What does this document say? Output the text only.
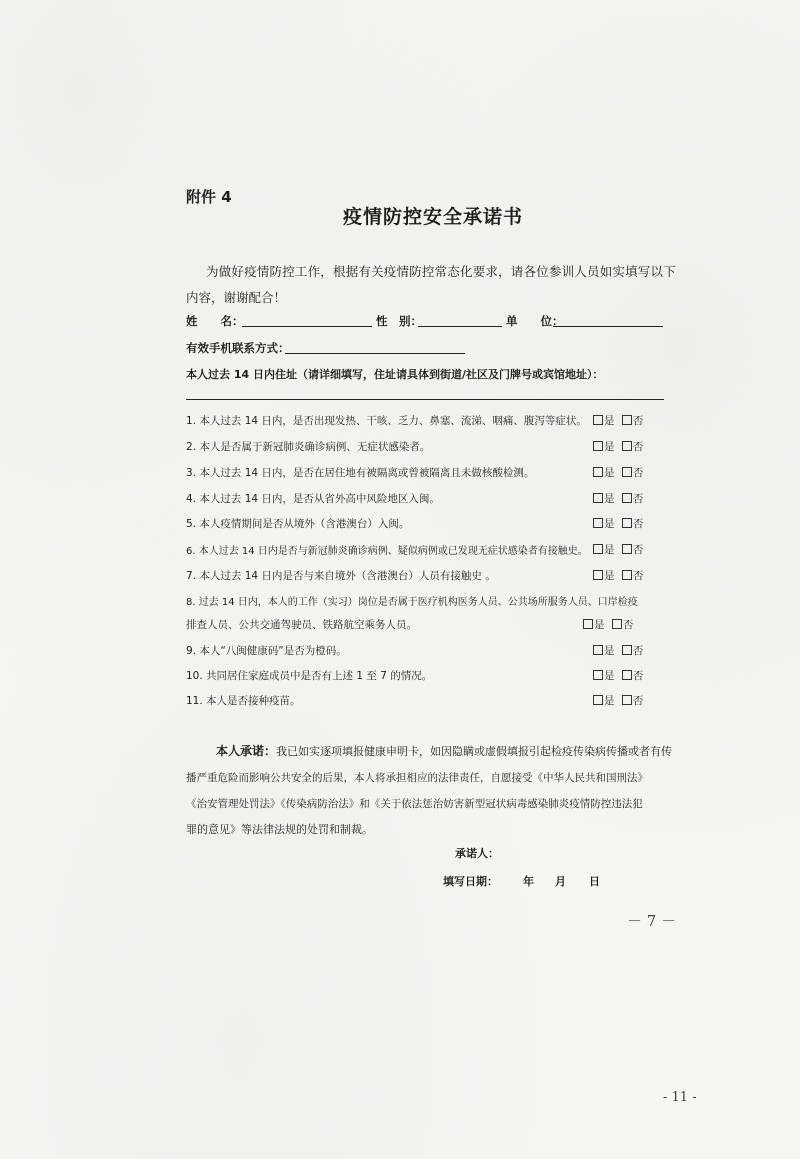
附件 4
疫情防控安全承诺书
为做好疫情防控工作，根据有关疫情防控常态化要求，请各位参训人员如实填写以下
内容，谢谢配合！
姓　　名：	性　别：	单　　位：
有效手机联系方式：
本人过去 14 日内住址（请详细填写，住址请具体到街道/社区及门牌号或宾馆地址）：
1. 本人过去 14 日内，是否出现发热、干咳、乏力、鼻塞、流涕、咽痛、腹泻等症状。	是 否
2. 本人是否属于新冠肺炎确诊病例、无症状感染者。	是 否
3. 本人过去 14 日内，是否在居住地有被隔离或曾被隔离且未做核酸检测。	是 否
4. 本人过去 14 日内，是否从省外高中风险地区入闽。	是 否
5. 本人疫情期间是否从境外（含港澳台）入闽。	是 否
6. 本人过去 14 日内是否与新冠肺炎确诊病例、疑似病例或已发现无症状感染者有接触史。	是 否
7. 本人过去 14 日内是否与来自境外（含港澳台）人员有接触史 。	是 否
8. 过去 14 日内，本人的工作（实习）岗位是否属于医疗机构医务人员、公共场所服务人员、口岸检疫
排查人员、公共交通驾驶员、铁路航空乘务人员。	是 否
9. 本人“八闽健康码”是否为橙码。	是 否
10. 共同居住家庭成员中是否有上述 1 至 7 的情况。	是 否
11. 本人是否接种疫苗。	是 否
本人承诺：我已如实逐项填报健康申明卡，如因隐瞒或虚假填报引起检疫传染病传播或者有传
播严重危险而影响公共安全的后果，本人将承担相应的法律责任，自愿接受《中华人民共和国刑法》
《治安管理处罚法》《传染病防治法》和《关于依法惩治妨害新型冠状病毒感染肺炎疫情防控违法犯
罪的意见》等法律法规的处罚和制裁。
承诺人：
填写日期： 年 月 日
－ 7 －
- 11 -
